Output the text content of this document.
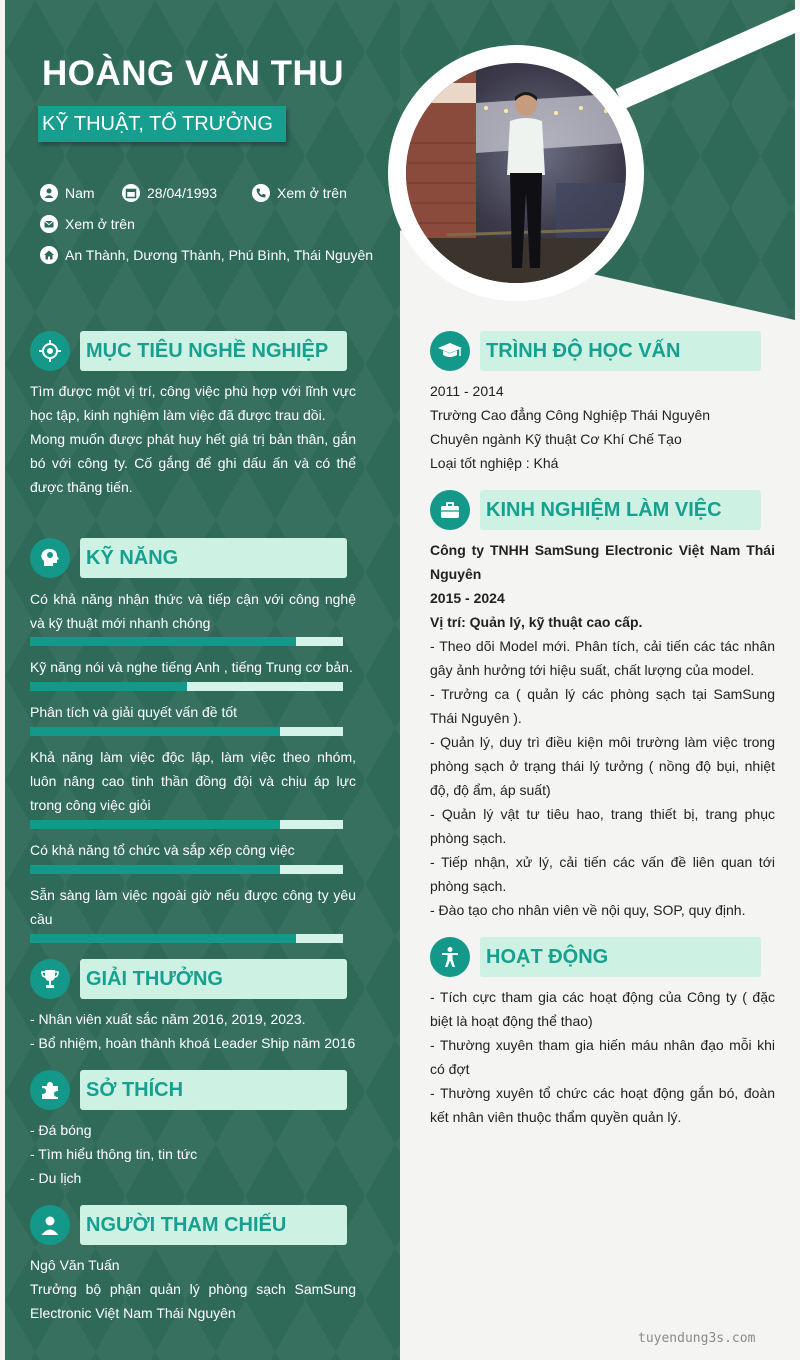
HOÀNG VĂN THU
KỸ THUẬT, TỔ TRƯỞNG
Nam	28/04/1993	Xem ở trên
Xem ở trên
An Thành, Dương Thành, Phú Bình, Thái Nguyên
MỤC TIÊU NGHỀ NGHIỆP
Tìm được một vị trí, công việc phù hợp với lĩnh vực
học tập, kinh nghiệm làm việc đã được trau dồi.
Mong muốn được phát huy hết giá trị bản thân, gắn
bó với công ty. Cố gắng để ghi dấu ấn và có thể
được thăng tiến.
KỸ NĂNG
Có khả năng nhận thức và tiếp cận với công nghệ và kỹ thuật mới nhanh chóng
Kỹ năng nói và nghe tiếng Anh , tiếng Trung cơ bản.
Phân tích và giải quyết vấn đề tốt
Khả năng làm việc độc lập, làm việc theo nhóm, luôn nâng cao tinh thần đồng đội và chịu áp lực trong công việc giỏi
Có khả năng tổ chức và sắp xếp công việc
Sẵn sàng làm việc ngoài giờ nếu được công ty yêu cầu
GIẢI THƯỞNG
- Nhân viên xuất sắc năm 2016, 2019, 2023.
- Bổ nhiệm, hoàn thành khoá Leader Ship năm 2016
SỞ THÍCH
- Đá bóng
- Tìm hiểu thông tin, tin tức
- Du lịch
NGƯỜI THAM CHIẾU
Ngô Văn Tuấn
Trưởng bộ phận quản lý phòng sạch SamSung Electronic Việt Nam Thái Nguyên
TRÌNH ĐỘ HỌC VẤN
2011 - 2014
Trường Cao đẳng Công Nghiệp Thái Nguyên
Chuyên ngành Kỹ thuật Cơ Khí Chế Tạo
Loại tốt nghiệp : Khá
KINH NGHIỆM LÀM VIỆC
Công ty TNHH SamSung Electronic Việt Nam Thái Nguyên
2015 - 2024
Vị trí: Quản lý, kỹ thuật cao cấp.
- Theo dõi Model mới. Phân tích, cải tiến các tác nhân gây ảnh hưởng tới hiệu suất, chất lượng của model.
- Trưởng ca ( quản lý các phòng sạch tại SamSung Thái Nguyên ).
- Quản lý, duy trì điều kiện môi trường làm việc trong phòng sạch ở trạng thái lý tưởng ( nồng độ bụi, nhiệt độ, độ ẩm, áp suất)
- Quản lý vật tư tiêu hao, trang thiết bị, trang phục phòng sạch.
- Tiếp nhận, xử lý, cải tiến các vấn đề liên quan tới phòng sạch.
- Đào tạo cho nhân viên về nội quy, SOP, quy định.
HOẠT ĐỘNG
- Tích cực tham gia các hoạt động của Công ty ( đặc biệt là hoạt động thể thao)
- Thường xuyên tham gia hiến máu nhân đạo mỗi khi có đợt
- Thường xuyên tổ chức các hoạt động gắn bó, đoàn kết nhân viên thuộc thẩm quyền quản lý.
tuyendung3s.com
